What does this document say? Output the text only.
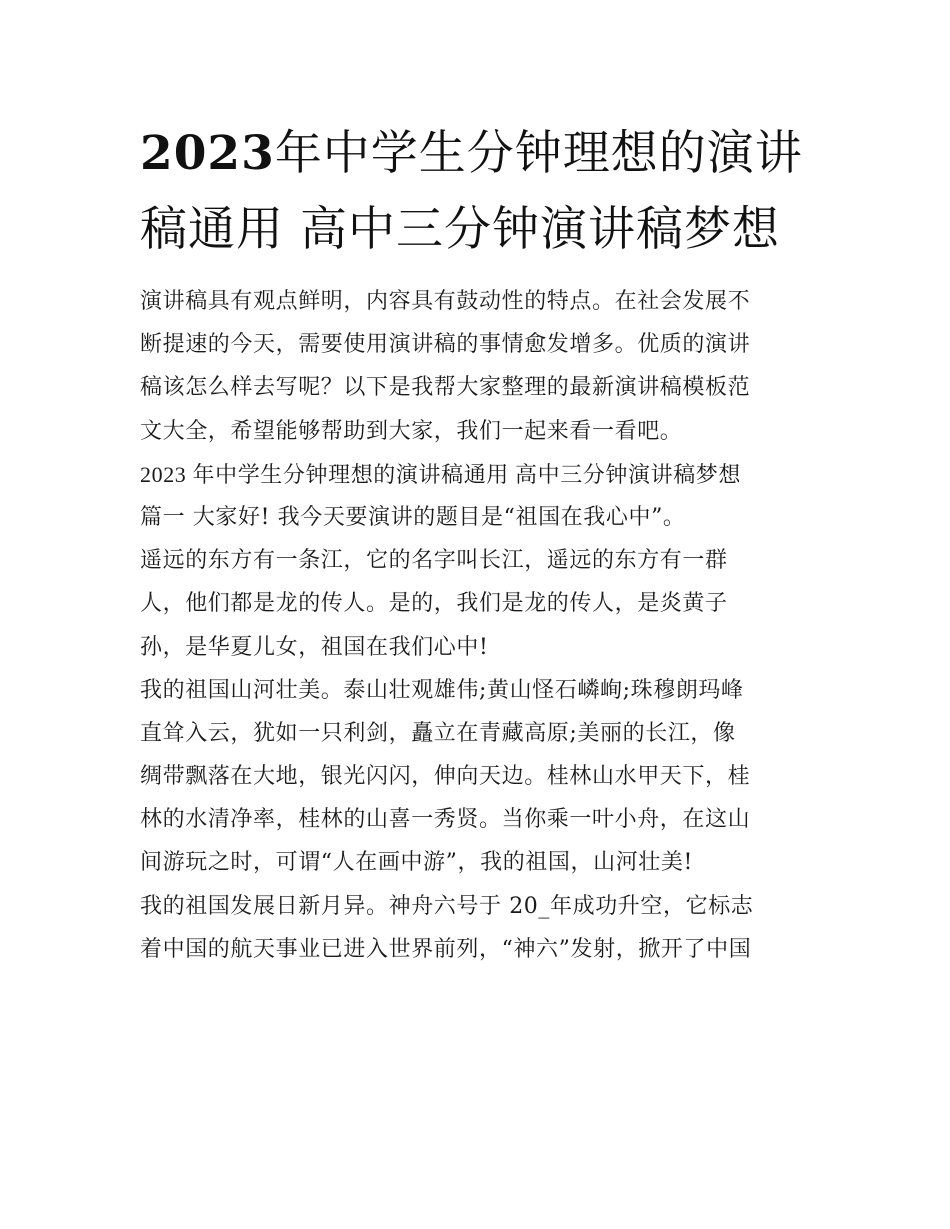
2023年中学生分钟理想的演讲
稿通用 高中三分钟演讲稿梦想
演讲稿具有观点鲜明，内容具有鼓动性的特点。在社会发展不
断提速的今天，需要使用演讲稿的事情愈发增多。优质的演讲
稿该怎么样去写呢？以下是我帮大家整理的最新演讲稿模板范
文大全，希望能够帮助到大家，我们一起来看一看吧。
2023 年中学生分钟理想的演讲稿通用 高中三分钟演讲稿梦想
篇一 大家好! 我今天要演讲的题目是“祖国在我心中”。
遥远的东方有一条江，它的名字叫长江，遥远的东方有一群
人，他们都是龙的传人。是的，我们是龙的传人，是炎黄子
孙，是华夏儿女，祖国在我们心中!
我的祖国山河壮美。泰山壮观雄伟;黄山怪石嶙峋;珠穆朗玛峰
直耸入云，犹如一只利剑，矗立在青藏高原;美丽的长江，像
绸带飘落在大地，银光闪闪，伸向天边。桂林山水甲天下，桂
林的水清净率，桂林的山喜一秀贤。当你乘一叶小舟，在这山
间游玩之时，可谓“人在画中游”，我的祖国，山河壮美!
我的祖国发展日新月异。神舟六号于 20_年成功升空，它标志
着中国的航天事业已进入世界前列，“神六”发射，掀开了中国
